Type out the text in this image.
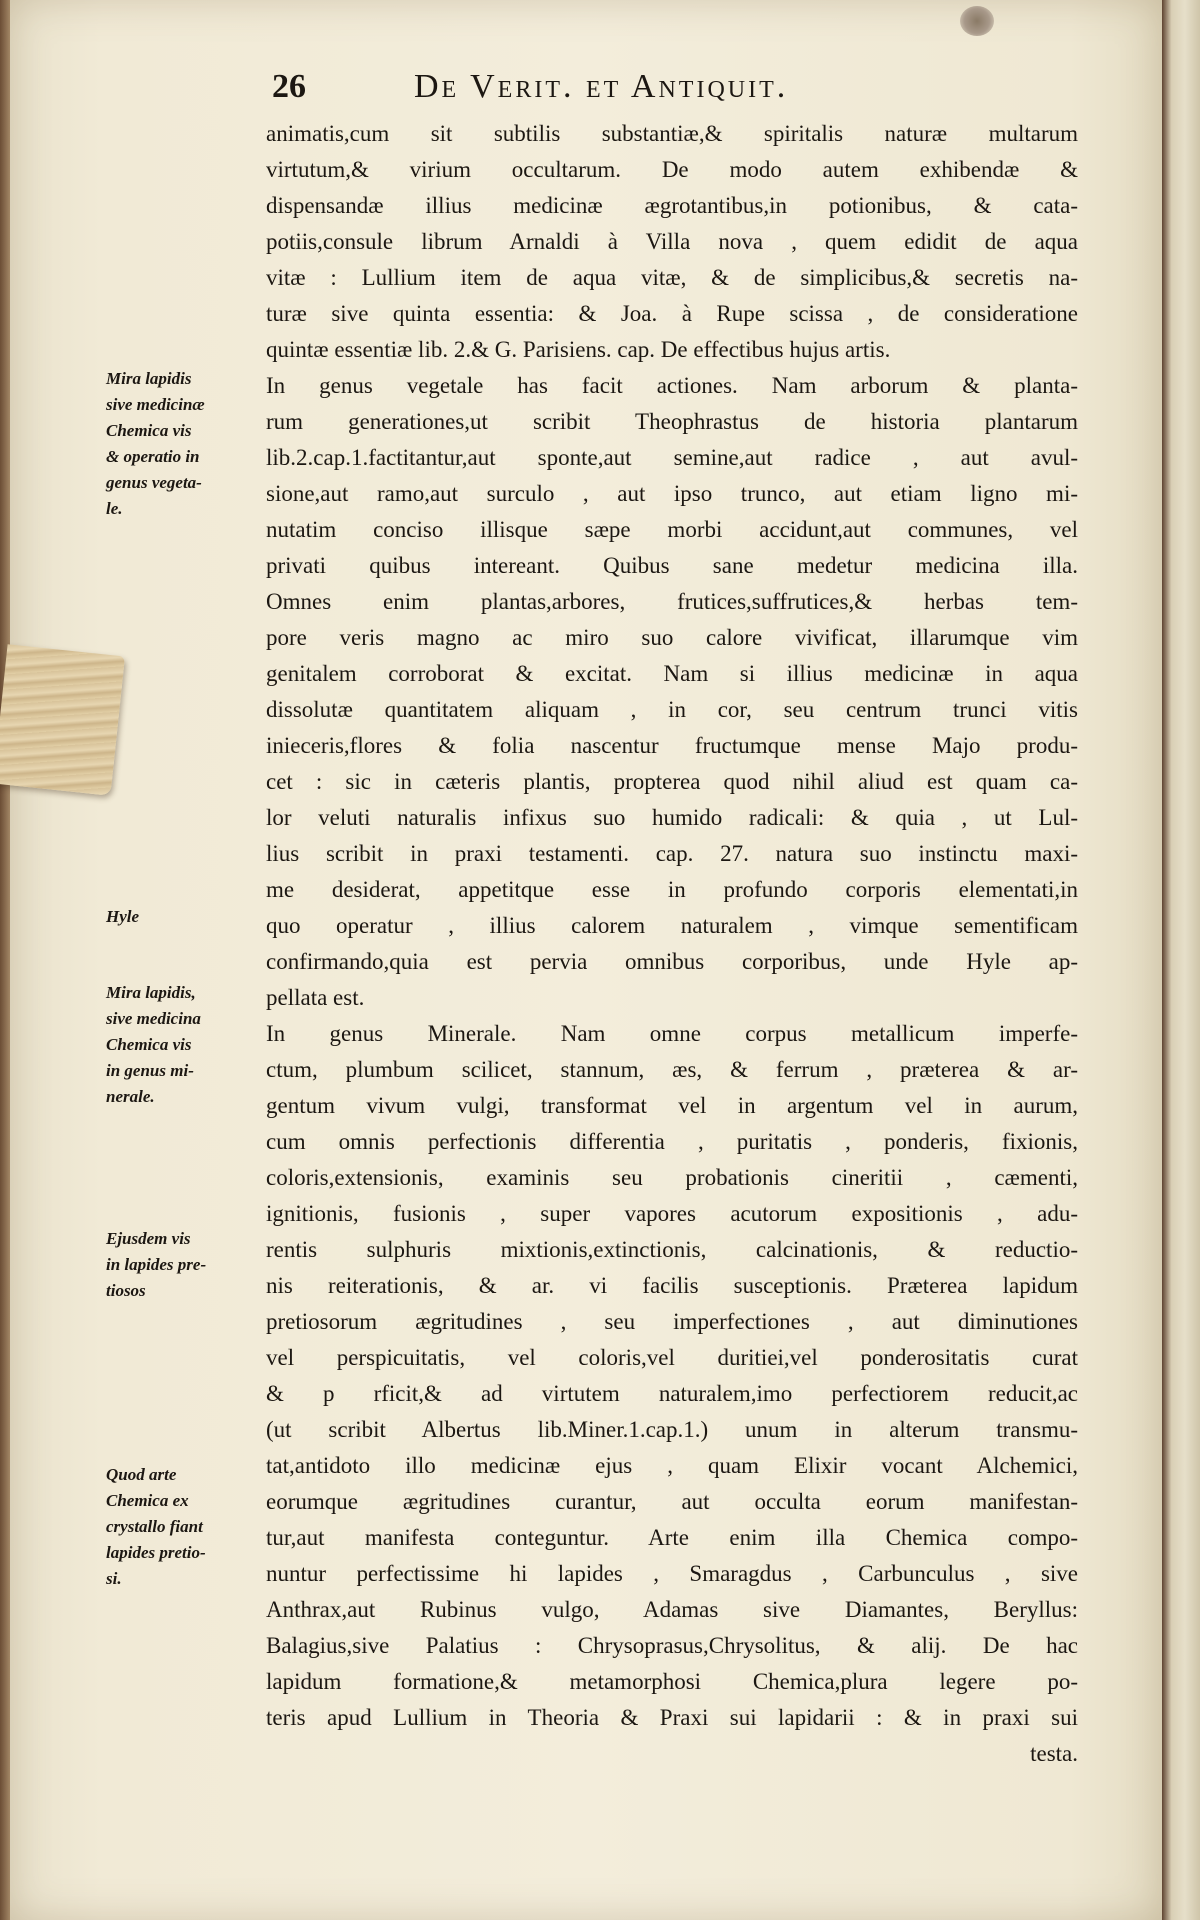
26	De Verit. et Antiquit.
animatis,cum sit subtilis substantiæ,& spiritalis naturæ multarum
virtutum,& virium occultarum. De modo autem exhibendæ &
dispensandæ illius medicinæ ægrotantibus,in potionibus, & cata-
potiis,consule librum Arnaldi à Villa nova , quem edidit de aqua
vitæ : Lullium item de aqua vitæ, & de simplicibus,& secretis na-
turæ sive quinta essentia: & Joa. à Rupe scissa , de consideratione
quintæ essentiæ lib. 2.& G. Parisiens. cap. De effectibus hujus artis.
In genus vegetale has facit actiones. Nam arborum & planta-
rum generationes,ut scribit Theophrastus de historia plantarum
lib.2.cap.1.factitantur,aut sponte,aut semine,aut radice , aut avul-
sione,aut ramo,aut surculo , aut ipso trunco, aut etiam ligno mi-
nutatim conciso illisque sæpe morbi accidunt,aut communes, vel
privati quibus intereant. Quibus sane medetur medicina illa.
Omnes enim plantas,arbores, frutices,suffrutices,& herbas tem-
pore veris magno ac miro suo calore vivificat, illarumque vim
genitalem corroborat & excitat. Nam si illius medicinæ in aqua
dissolutæ quantitatem aliquam , in cor, seu centrum trunci vitis
inieceris,flores & folia nascentur fructumque mense Majo produ-
cet : sic in cæteris plantis, propterea quod nihil aliud est quam ca-
lor veluti naturalis infixus suo humido radicali: & quia , ut Lul-
lius scribit in praxi testamenti. cap. 27. natura suo instinctu maxi-
me desiderat, appetitque esse in profundo corporis elementati,in
quo operatur , illius calorem naturalem , vimque sementificam
confirmando,quia est pervia omnibus corporibus, unde Hyle ap-
pellata est.
In genus Minerale. Nam omne corpus metallicum imperfe-
ctum, plumbum scilicet, stannum, æs, & ferrum , præterea & ar-
gentum vivum vulgi, transformat vel in argentum vel in aurum,
cum omnis perfectionis differentia , puritatis , ponderis, fixionis,
coloris,extensionis, examinis seu probationis cineritii , cæmenti,
ignitionis, fusionis , super vapores acutorum expositionis , adu-
rentis sulphuris mixtionis,extinctionis, calcinationis, & reductio-
nis reiterationis, & ar. vi facilis susceptionis. Præterea lapidum
pretiosorum ægritudines , seu imperfectiones , aut diminutiones
vel perspicuitatis, vel coloris,vel duritiei,vel ponderositatis curat
& p rficit,& ad virtutem naturalem,imo perfectiorem reducit,ac
(ut scribit Albertus lib.Miner.1.cap.1.) unum in alterum transmu-
tat,antidoto illo medicinæ ejus , quam Elixir vocant Alchemici,
eorumque ægritudines curantur, aut occulta eorum manifestan-
tur,aut manifesta conteguntur. Arte enim illa Chemica compo-
nuntur perfectissime hi lapides , Smaragdus , Carbunculus , sive
Anthrax,aut Rubinus vulgo, Adamas sive Diamantes, Beryllus:
Balagius,sive Palatius : Chrysoprasus,Chrysolitus, & alij. De hac
lapidum formatione,& metamorphosi Chemica,plura legere po-
teris apud Lullium in Theoria & Praxi sui lapidarii : & in praxi sui
testa.
Mira lapidis
sive medicinæ
Chemica vis
& operatio in
genus vegeta-
le.
Hyle
Mira lapidis,
sive medicina
Chemica vis
in genus mi-
nerale.
Ejusdem vis
in lapides pre-
tiosos
Quod arte
Chemica ex
crystallo fiant
lapides pretio-
si.
